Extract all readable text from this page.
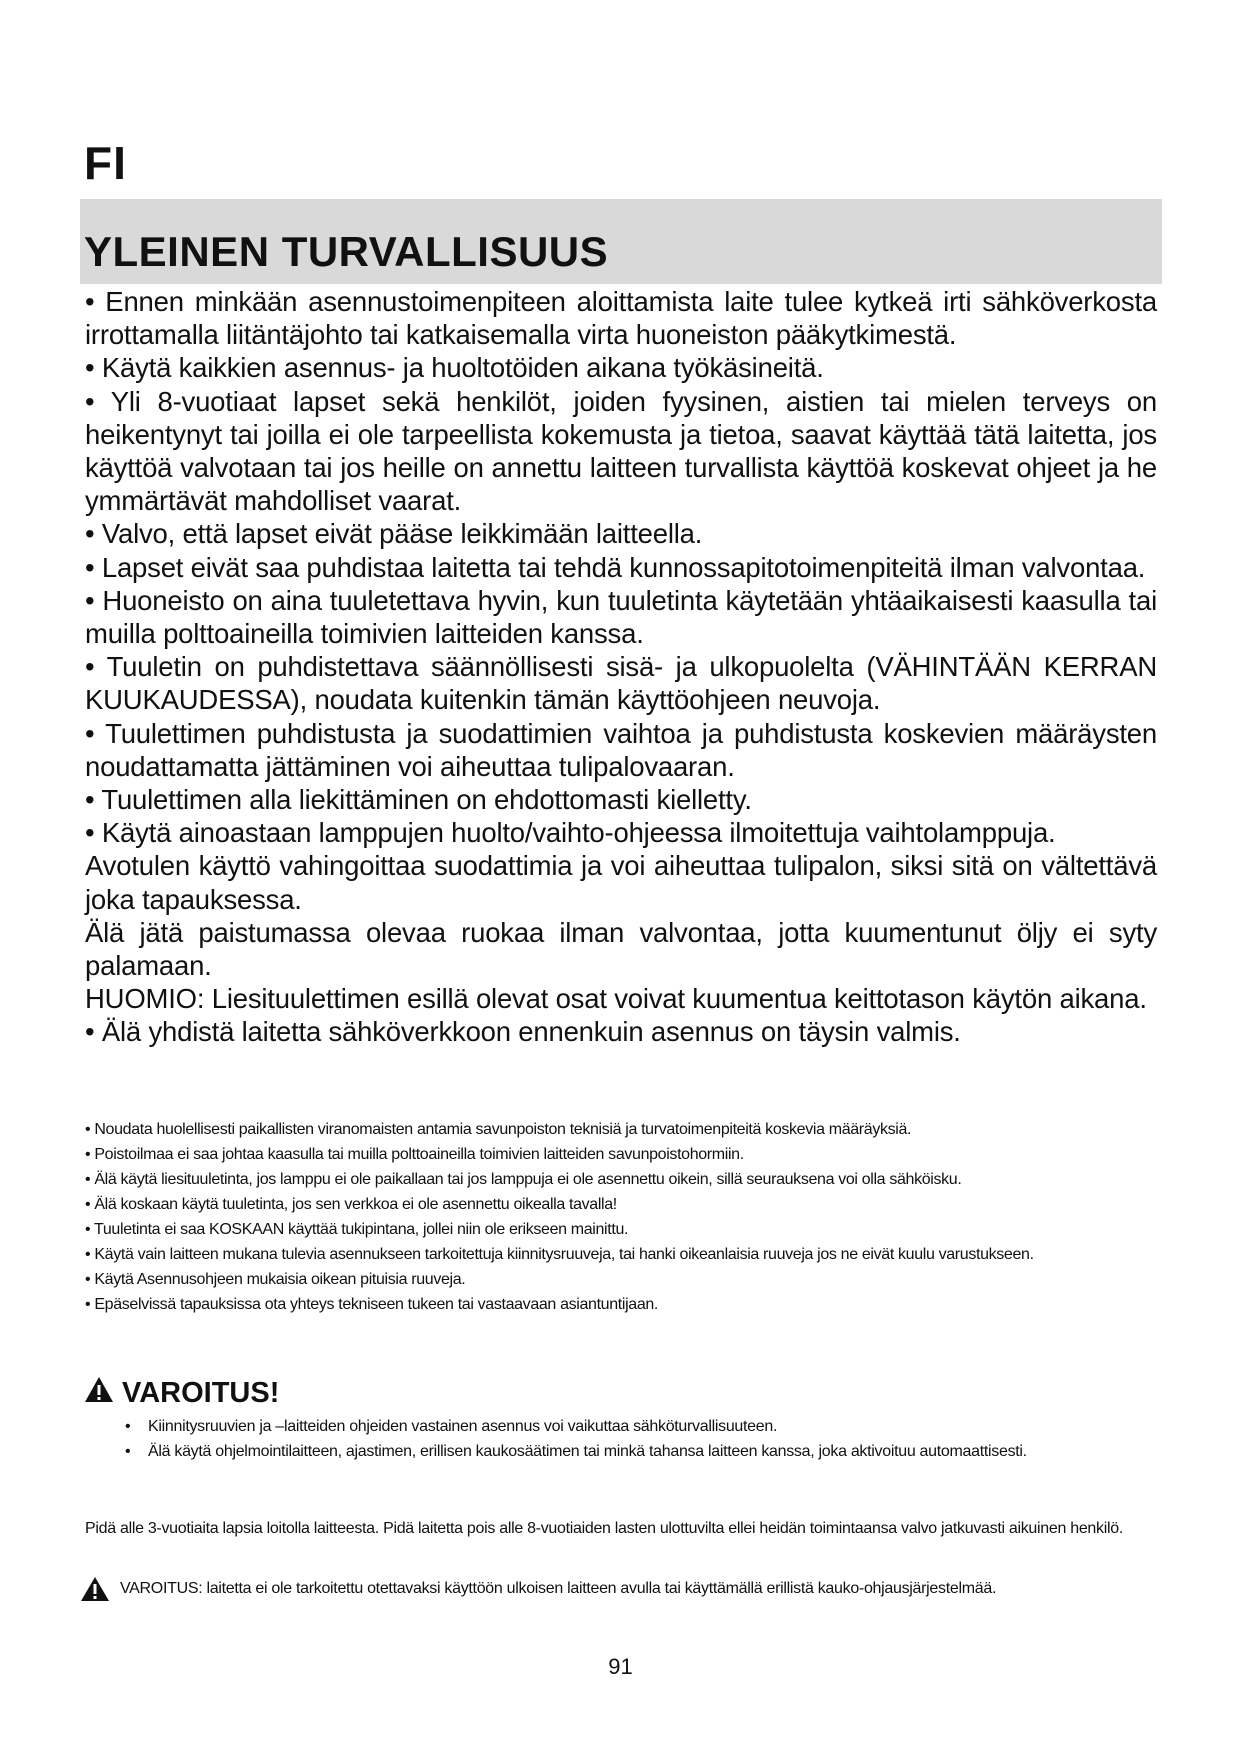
FI
YLEINEN TURVALLISUUS

• Ennen minkään asennustoimenpiteen aloittamista laite tulee kytkeä irti sähköverkosta irrottamalla liitäntäjohto tai katkaisemalla virta huoneiston pääkytkimestä.

• Käytä kaikkien asennus- ja huoltotöiden aikana työkäsineitä.

• Yli 8-vuotiaat lapset sekä henkilöt, joiden fyysinen, aistien tai mielen terveys on heikentynyt tai joilla ei ole tarpeellista kokemusta ja tietoa, saavat käyttää tätä laitetta, jos käyttöä valvotaan tai jos heille on annettu laitteen turvallista käyttöä koskevat ohjeet ja he ymmärtävät mahdolliset vaarat.

• Valvo, että lapset eivät pääse leikkimään laitteella.

• Lapset eivät saa puhdistaa laitetta tai tehdä kunnossapitotoimenpiteitä ilman valvontaa.

• Huoneisto on aina tuuletettava hyvin, kun tuuletinta käytetään yhtäaikaisesti kaasulla tai muilla polttoaineilla toimivien laitteiden kanssa.

• Tuuletin on puhdistettava säännöllisesti sisä- ja ulkopuolelta (VÄHINTÄÄN KERRAN KUUKAUDESSA), noudata kuitenkin tämän käyttöohjeen neuvoja.

• Tuulettimen puhdistusta ja suodattimien vaihtoa ja puhdistusta koskevien määräysten noudattamatta jättäminen voi aiheuttaa tulipalovaaran.

• Tuulettimen alla liekittäminen on ehdottomasti kielletty.

• Käytä ainoastaan lamppujen huolto/vaihto-ohjeessa ilmoitettuja vaihtolamppuja.

Avotulen käyttö vahingoittaa suodattimia ja voi aiheuttaa tulipalon, siksi sitä on vältettävä joka tapauksessa.

Älä jätä paistumassa olevaa ruokaa ilman valvontaa, jotta kuumentunut öljy ei syty palamaan.

HUOMIO: Liesituulettimen esillä olevat osat voivat kuumentua keittotason käytön aikana.

• Älä yhdistä laitetta sähköverkkoon ennenkuin asennus on täysin valmis.

• Noudata huolellisesti paikallisten viranomaisten antamia savunpoiston teknisiä ja turvatoimenpiteitä koskevia määräyksiä.

• Poistoilmaa ei saa johtaa kaasulla tai muilla polttoaineilla toimivien laitteiden savunpoistohormiin.

• Älä käytä liesituuletinta, jos lamppu ei ole paikallaan tai jos lamppuja ei ole asennettu oikein, sillä seurauksena voi olla sähköisku.

• Älä koskaan käytä tuuletinta, jos sen verkkoa ei ole asennettu oikealla tavalla!

• Tuuletinta ei saa KOSKAAN käyttää tukipintana, jollei niin ole erikseen mainittu.

• Käytä vain laitteen mukana tulevia asennukseen tarkoitettuja kiinnitysruuveja, tai hanki oikeanlaisia ruuveja jos ne eivät kuulu varustukseen.

• Käytä Asennusohjeen mukaisia oikean pituisia ruuveja.

• Epäselvissä tapauksissa ota yhteys tekniseen tukeen tai vastaavaan asiantuntijaan.

VAROITUS!
• Kiinnitysruuvien ja –laitteiden ohjeiden vastainen asennus voi vaikuttaa sähköturvallisuuteen.
• Älä käytä ohjelmointilaitteen, ajastimen, erillisen kaukosäätimen tai minkä tahansa laitteen kanssa, joka aktivoituu automaattisesti.

Pidä alle 3-vuotiaita lapsia loitolla laitteesta. Pidä laitetta pois alle 8-vuotiaiden lasten ulottuvilta ellei heidän toimintaansa valvo jatkuvasti aikuinen henkilö.

VAROITUS: laitetta ei ole tarkoitettu otettavaksi käyttöön ulkoisen laitteen avulla tai käyttämällä erillistä kauko-ohjausjärjestelmää.

91
